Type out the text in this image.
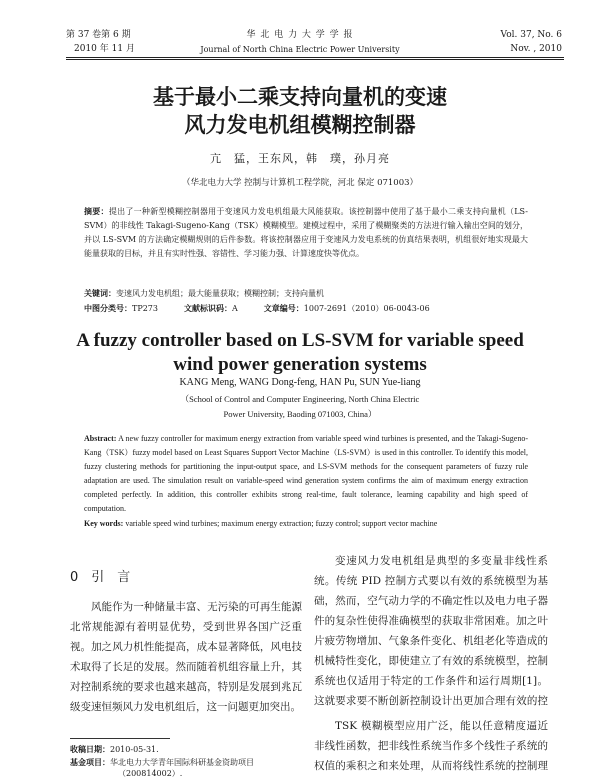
第 37 卷第 6 期
2010 年 11 月
华 北 电 力 大 学 学 报
Journal of North China Electric Power University
Vol. 37, No. 6
Nov. , 2010
基于最小二乘支持向量机的变速
风力发电机组模糊控制器
亢　猛，王东风，韩　璞，孙月亮
（华北电力大学 控制与计算机工程学院，河北 保定 071003）
摘要：提出了一种新型模糊控制器用于变速风力发电机组最大风能获取。该控制器中使用了基于最小二乘支持向量机（LS-SVM）的非线性 Takagi-Sugeno-Kang（TSK）模糊模型。建模过程中，采用了模糊聚类的方法进行输入输出空间的划分，并以 LS-SVM 的方法确定模糊规则的后件参数。将该控制器应用于变速风力发电系统的仿真结果表明，机组很好地实现最大能量获取的目标，并且有实时性强、容错性、学习能力强、计算速度快等优点。
关键词：变速风力发电机组；最大能量获取；模糊控制；支持向量机
中图分类号：TP273	文献标识码：A	文章编号：1007-2691（2010）06-0043-06
A fuzzy controller based on LS-SVM for variable speed
wind power generation systems
KANG Meng, WANG Dong-feng, HAN Pu, SUN Yue-liang
（School of Control and Computer Engineering, North China Electric
Power University, Baoding 071003, China）
Abstract: A new fuzzy controller for maximum energy extraction from variable speed wind turbines is presented, and the Takagi-Sugeno-Kang（TSK）fuzzy model based on Least Squares Support Vector Machine（LS-SVM）is used in this controller. To identify this model, fuzzy clustering methods for partitioning the input-output space, and LS-SVM methods for the consequent parameters of fuzzy rule adaptation are used. The simulation result on variable-speed wind generation system confirms the aim of maximum energy extraction completed perfectly. In addition, this controller exhibits strong real-time, fault tolerance, learning capability and high speed of computation.
Key words: variable speed wind turbines; maximum energy extraction; fuzzy control; support vector machine
0　引　言
风能作为一种储量丰富、无污染的可再生能源北常规能源有着明显优势，受到世界各国广泛重视。加之风力机性能提高，成本显著降低，风电技术取得了长足的发展。然而随着机组容量上升，其对控制系统的要求也越来越高，特别是发展到兆瓦级变速恒频风力发电机组后，这一问题更加突出。
收稿日期：2010-05-31.
基金项目：华北电力大学青年国际科研基金资助项目
（200814002）.
变速风力发电机组是典型的多变量非线性系统。传统 PID 控制方式要以有效的系统模型为基础，然而，空气动力学的不确定性以及电力电子器件的复杂性使得准确模型的获取非常困难。加之叶片疲劳物增加、气象条件变化、机组老化等造成的机械特性变化，即使建立了有效的系统模型，控制系统也仅适用于特定的工作条件和运行周期[1]。这就要求要不断创新控制设计出更加合理有效的控
TSK 模糊模型应用广泛，能以任意精度逼近非线性函数，把非线性系统当作多个线性子系统的权值的乘积之和来处理，从而将线性系统的控制理
